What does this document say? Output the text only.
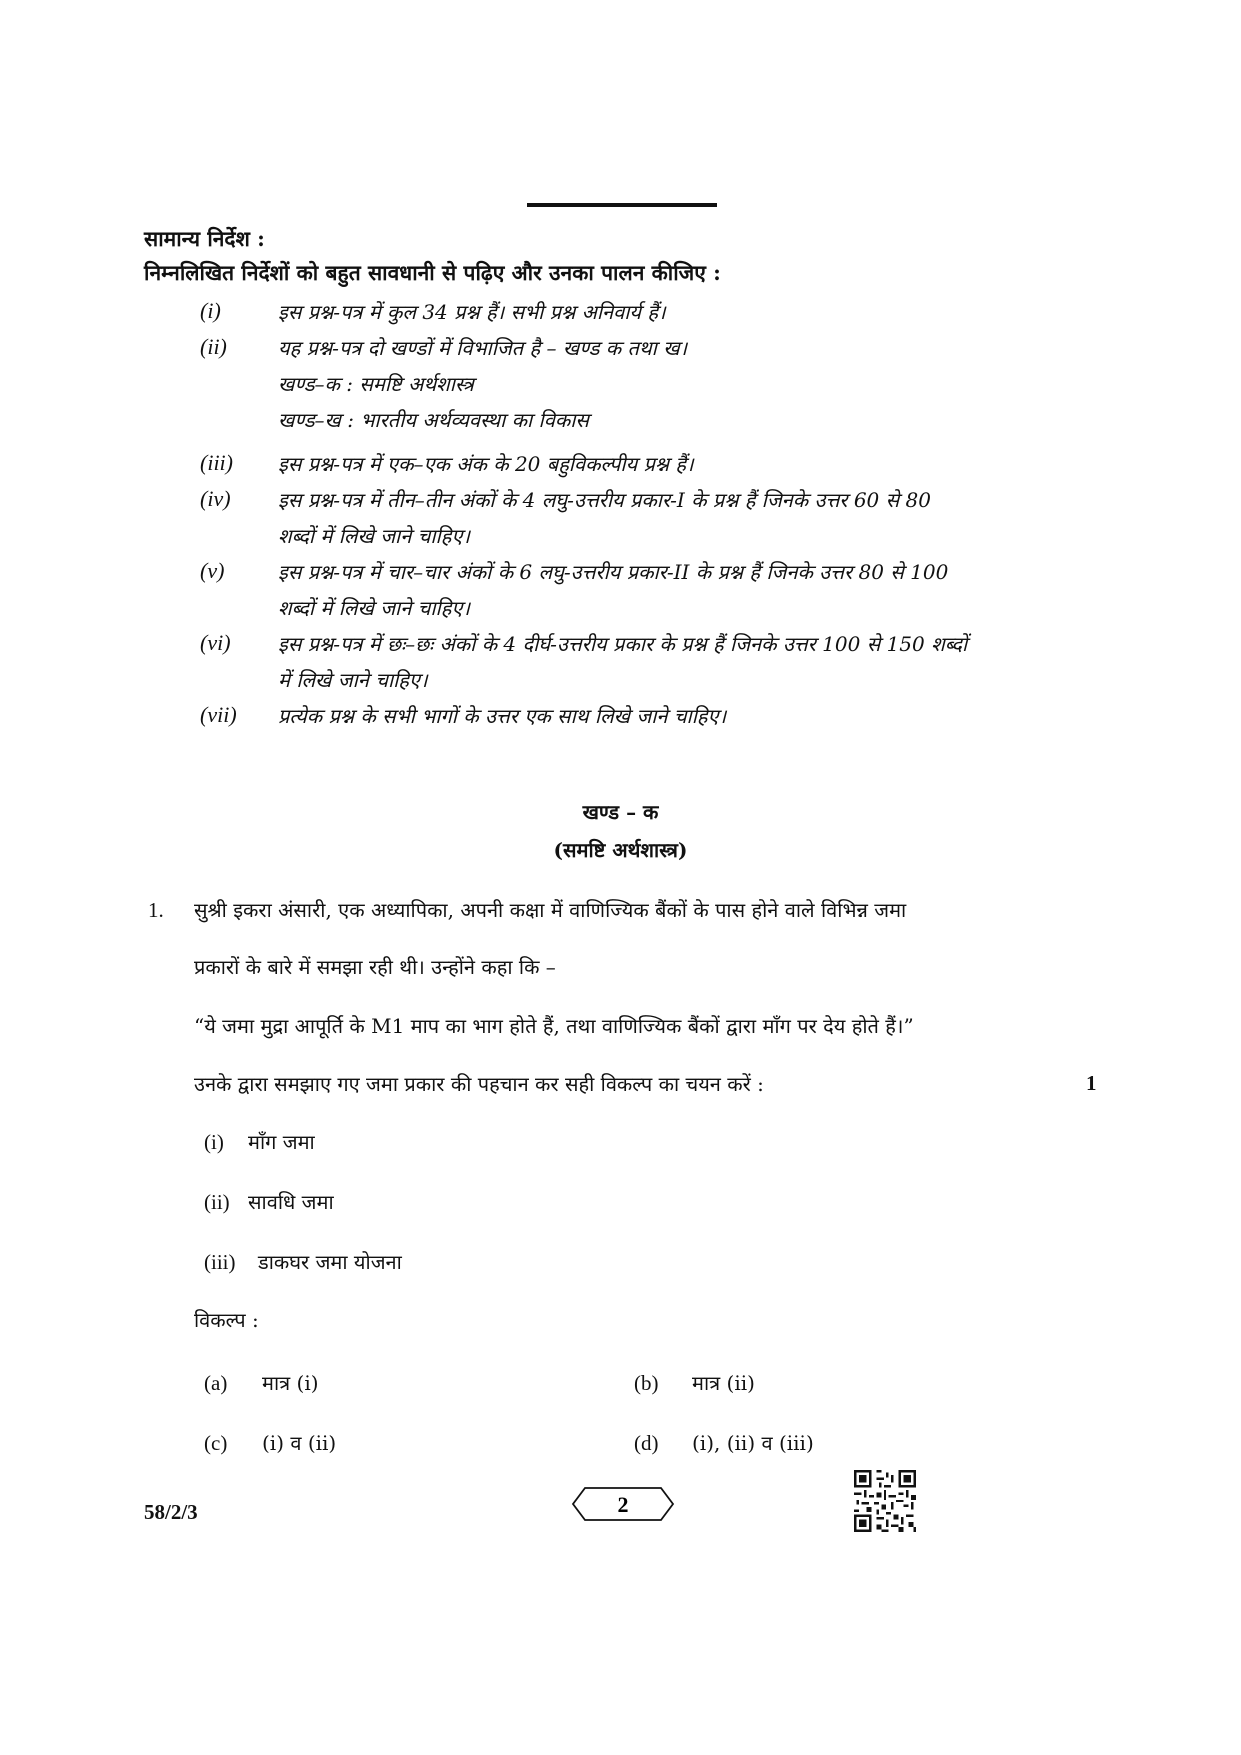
सामान्य निर्देश :
निम्नलिखित निर्देशों को बहुत सावधानी से पढ़िए और उनका पालन कीजिए :
(i)	इस प्रश्न-पत्र में कुल 34 प्रश्न हैं। सभी प्रश्न अनिवार्य हैं।
(ii)	यह प्रश्न-पत्र दो खण्डों में विभाजित है – खण्ड क तथा ख।
खण्ड–क : समष्टि अर्थशास्त्र
खण्ड–ख : भारतीय अर्थव्यवस्था का विकास
(iii) इस प्रश्न-पत्र में एक–एक अंक के 20 बहुविकल्पीय प्रश्न हैं।
(iv) इस प्रश्न-पत्र में तीन–तीन अंकों के 4 लघु-उत्तरीय प्रकार-I के प्रश्न हैं जिनके उत्तर 60 से 80
शब्दों में लिखे जाने चाहिए।
(v)	इस प्रश्न-पत्र में चार–चार अंकों के 6 लघु-उत्तरीय प्रकार-II के प्रश्न हैं जिनके उत्तर 80 से 100
शब्दों में लिखे जाने चाहिए।
(vi) इस प्रश्न-पत्र में छः–छः अंकों के 4 दीर्घ-उत्तरीय प्रकार के प्रश्न हैं जिनके उत्तर 100 से 150 शब्दों
में लिखे जाने चाहिए।
(vii) प्रत्येक प्रश्न के सभी भागों के उत्तर एक साथ लिखे जाने चाहिए।
खण्ड – क
(समष्टि अर्थशास्त्र)
1. सुश्री इकरा अंसारी, एक अध्यापिका, अपनी कक्षा में वाणिज्यिक बैंकों के पास होने वाले विभिन्न जमा
प्रकारों के बारे में समझा रही थी। उन्होंने कहा कि –
“ये जमा मुद्रा आपूर्ति के M1 माप का भाग होते हैं, तथा वाणिज्यिक बैंकों द्वारा माँग पर देय होते हैं।”
उनके द्वारा समझाए गए जमा प्रकार की पहचान कर सही विकल्प का चयन करें :	1
(i) माँग जमा
(ii) सावधि जमा
(iii) डाकघर जमा योजना
विकल्प :
(a) मात्र (i)	(b) मात्र (ii)
(c) (i) व (ii)	(d) (i), (ii) व (iii)
58/2/3	2
